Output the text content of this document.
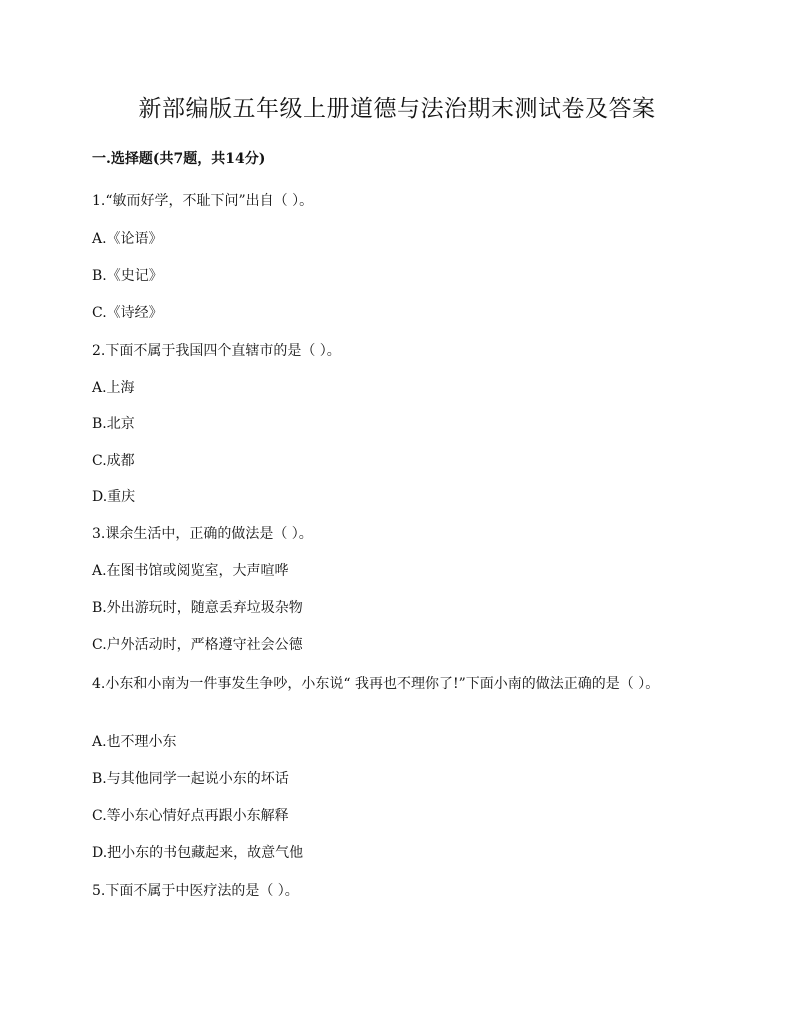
新部编版五年级上册道德与法治期末测试卷及答案
一.选择题(共7题，共14分)
1.“敏而好学，不耻下问”出自（ ）。
A.《论语》
B.《史记》
C.《诗经》
2.下面不属于我国四个直辖市的是（ ）。
A.上海
B.北京
C.成都
D.重庆
3.课余生活中，正确的做法是（ ）。
A.在图书馆或阅览室，大声喧哗
B.外出游玩时，随意丢弃垃圾杂物
C.户外活动时，严格遵守社会公德
4.小东和小南为一件事发生争吵，小东说“ 我再也不理你了!”下面小南的做法正确的是（ ）。
A.也不理小东
B.与其他同学一起说小东的坏话
C.等小东心情好点再跟小东解释
D.把小东的书包藏起来，故意气他
5.下面不属于中医疗法的是（ ）。
